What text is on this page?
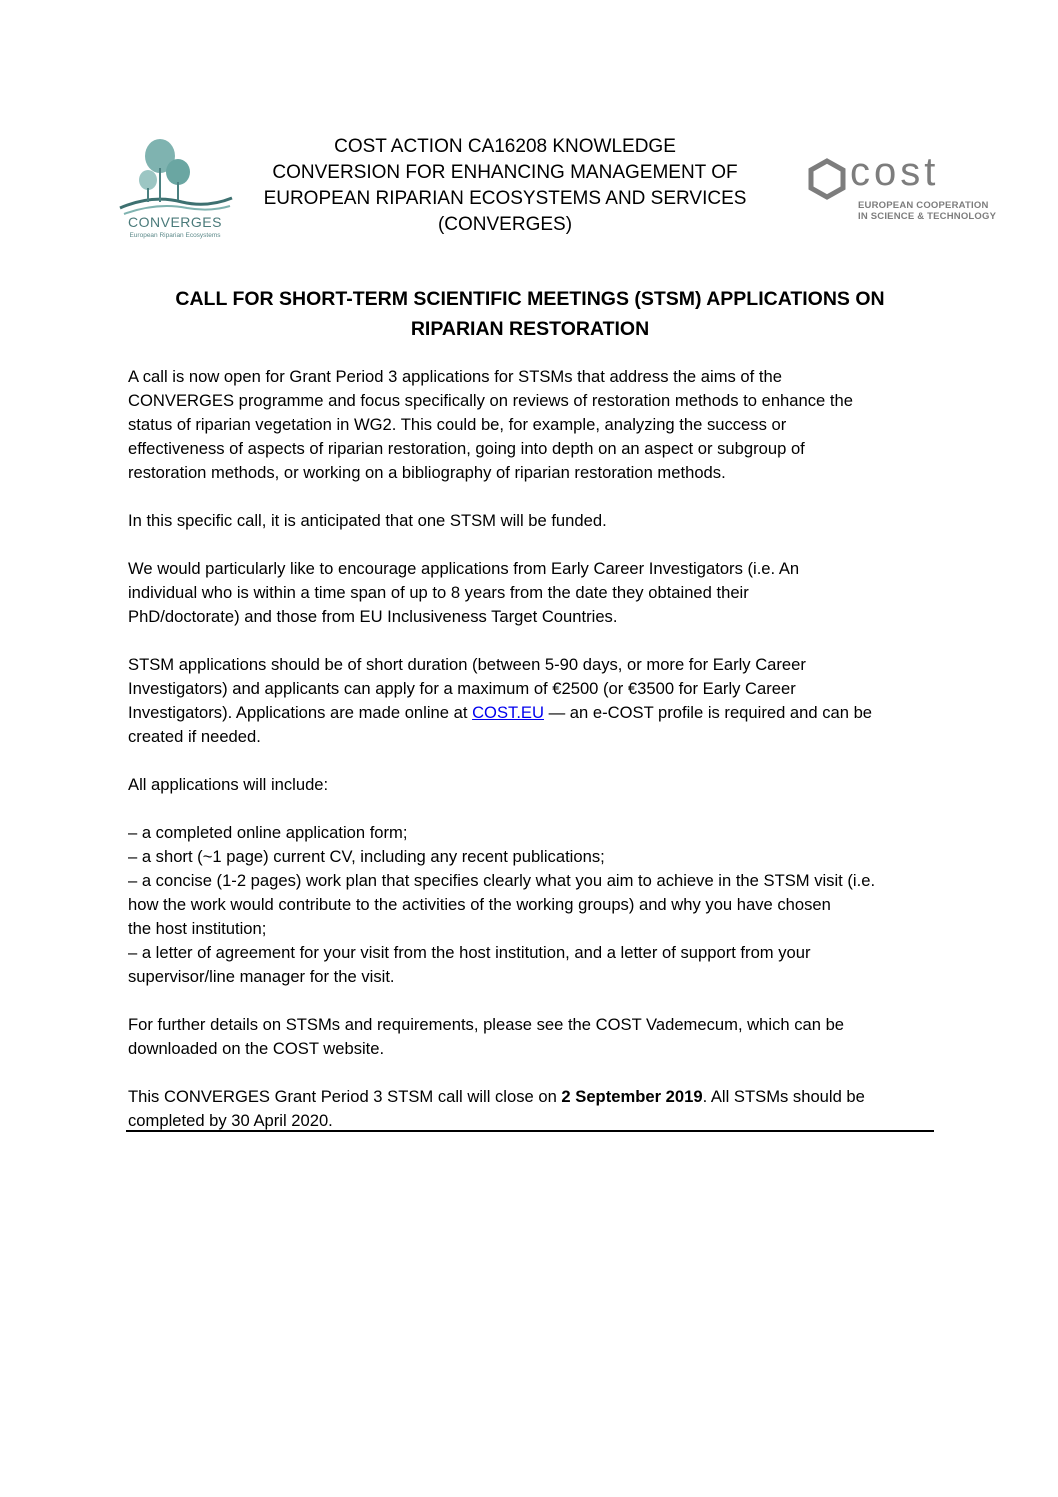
CONVERGES
European Riparian Ecosystems
COST ACTION CA16208 KNOWLEDGE
CONVERSION FOR ENHANCING MANAGEMENT OF
EUROPEAN RIPARIAN ECOSYSTEMS AND SERVICES
(CONVERGES)
cost
EUROPEAN COOPERATION
IN SCIENCE & TECHNOLOGY
CALL FOR SHORT-TERM SCIENTIFIC MEETINGS (STSM) APPLICATIONS ON
RIPARIAN RESTORATION
A call is now open for Grant Period 3 applications for STSMs that address the aims of the
CONVERGES programme and focus specifically on reviews of restoration methods to enhance the
status of riparian vegetation in WG2. This could be, for example, analyzing the success or
effectiveness of aspects of riparian restoration, going into depth on an aspect or subgroup of
restoration methods, or working on a bibliography of riparian restoration methods.
In this specific call, it is anticipated that one STSM will be funded.
We would particularly like to encourage applications from Early Career Investigators (i.e. An
individual who is within a time span of up to 8 years from the date they obtained their
PhD/doctorate) and those from EU Inclusiveness Target Countries.
STSM applications should be of short duration (between 5-90 days, or more for Early Career
Investigators) and applicants can apply for a maximum of €2500 (or €3500 for Early Career
Investigators). Applications are made online at COST.EU — an e-COST profile is required and can be
created if needed.
All applications will include:
– a completed online application form;
– a short (~1 page) current CV, including any recent publications;
– a concise (1-2 pages) work plan that specifies clearly what you aim to achieve in the STSM visit (i.e.
how the work would contribute to the activities of the working groups) and why you have chosen
the host institution;
– a letter of agreement for your visit from the host institution, and a letter of support from your
supervisor/line manager for the visit.
For further details on STSMs and requirements, please see the COST Vademecum, which can be
downloaded on the COST website.
This CONVERGES Grant Period 3 STSM call will close on 2 September 2019. All STSMs should be
completed by 30 April 2020.
